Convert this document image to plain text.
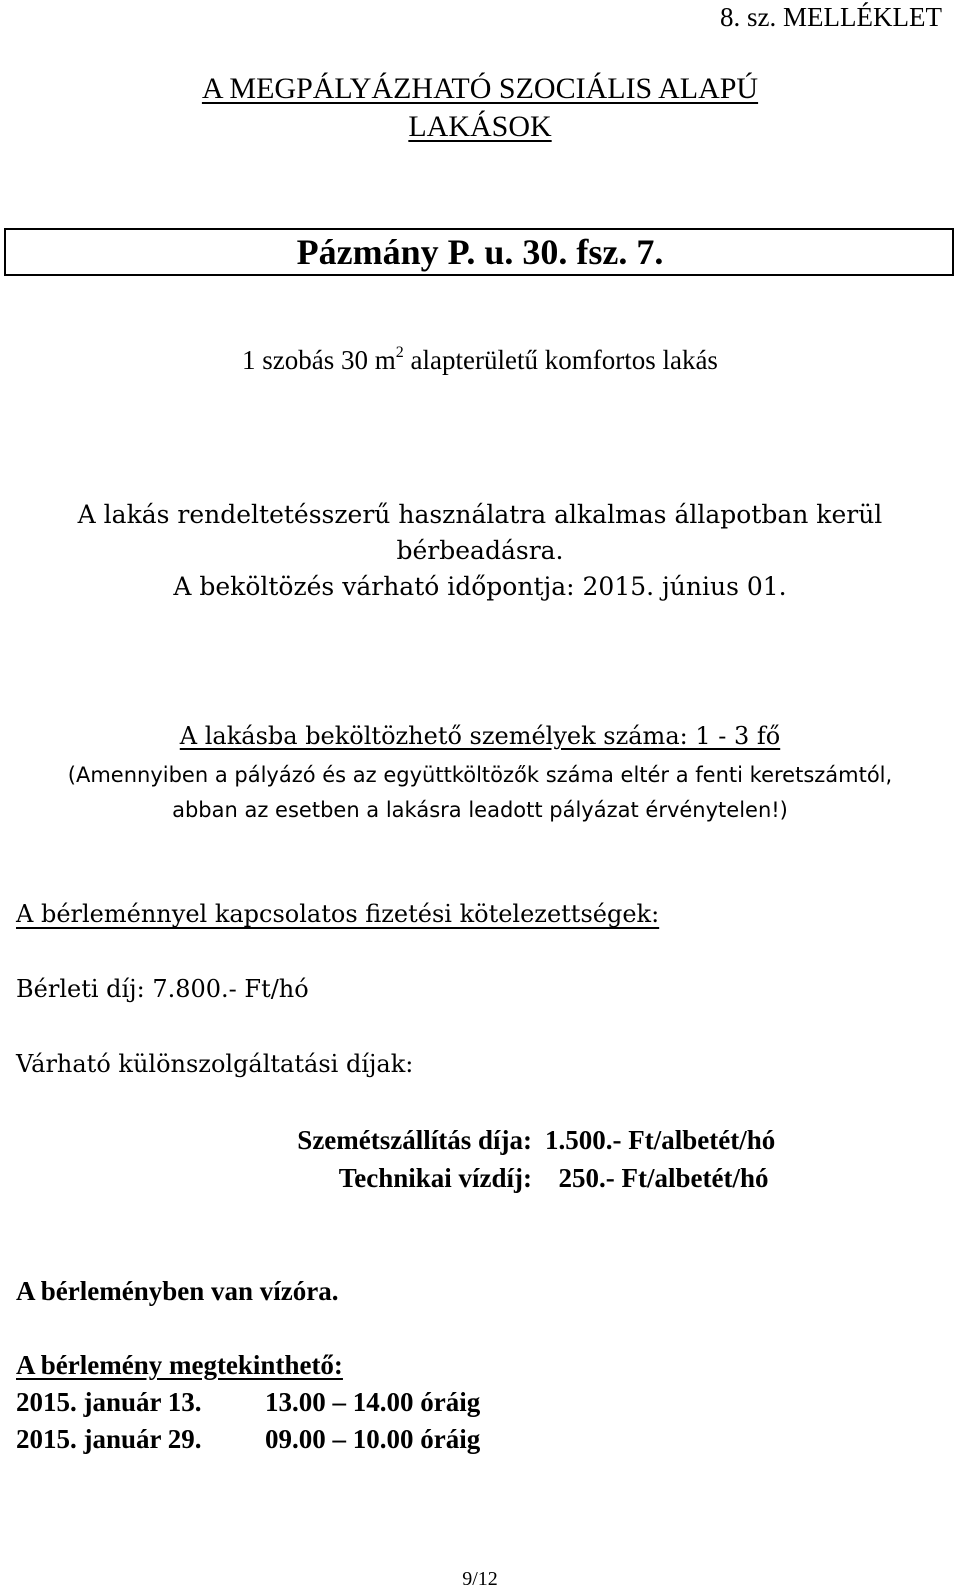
8. sz. MELLÉKLET
A MEGPÁLYÁZHATÓ SZOCIÁLIS ALAPÚ
LAKÁSOK
Pázmány P. u. 30. fsz. 7.
1 szobás 30 $m^2$ alapterületű komfortos lakás
A lakás rendeltetésszerű használatra alkalmas állapotban kerül
bérbeadásra.
A beköltözés várható időpontja: 2015. június 01.
A lakásba beköltözhető személyek száma: 1 - 3 fő
(Amennyiben a pályázó és az együttköltözők száma eltér a fenti keretszámtól,
abban az esetben a lakásra leadott pályázat érvénytelen!)
A bérleménnyel kapcsolatos fizetési kötelezettségek:
Bérleti díj: 7.800.- Ft/hó
Várható különszolgáltatási díjak:
Szemétszállítás díja: 1.500.- Ft/albetét/hó
Technikai vízdíj: 250.- Ft/albetét/hó
A bérleményben van vízóra.
A bérlemény megtekinthető:
2015. január 13. 13.00 – 14.00 óráig
2015. január 29. 09.00 – 10.00 óráig
9/12
